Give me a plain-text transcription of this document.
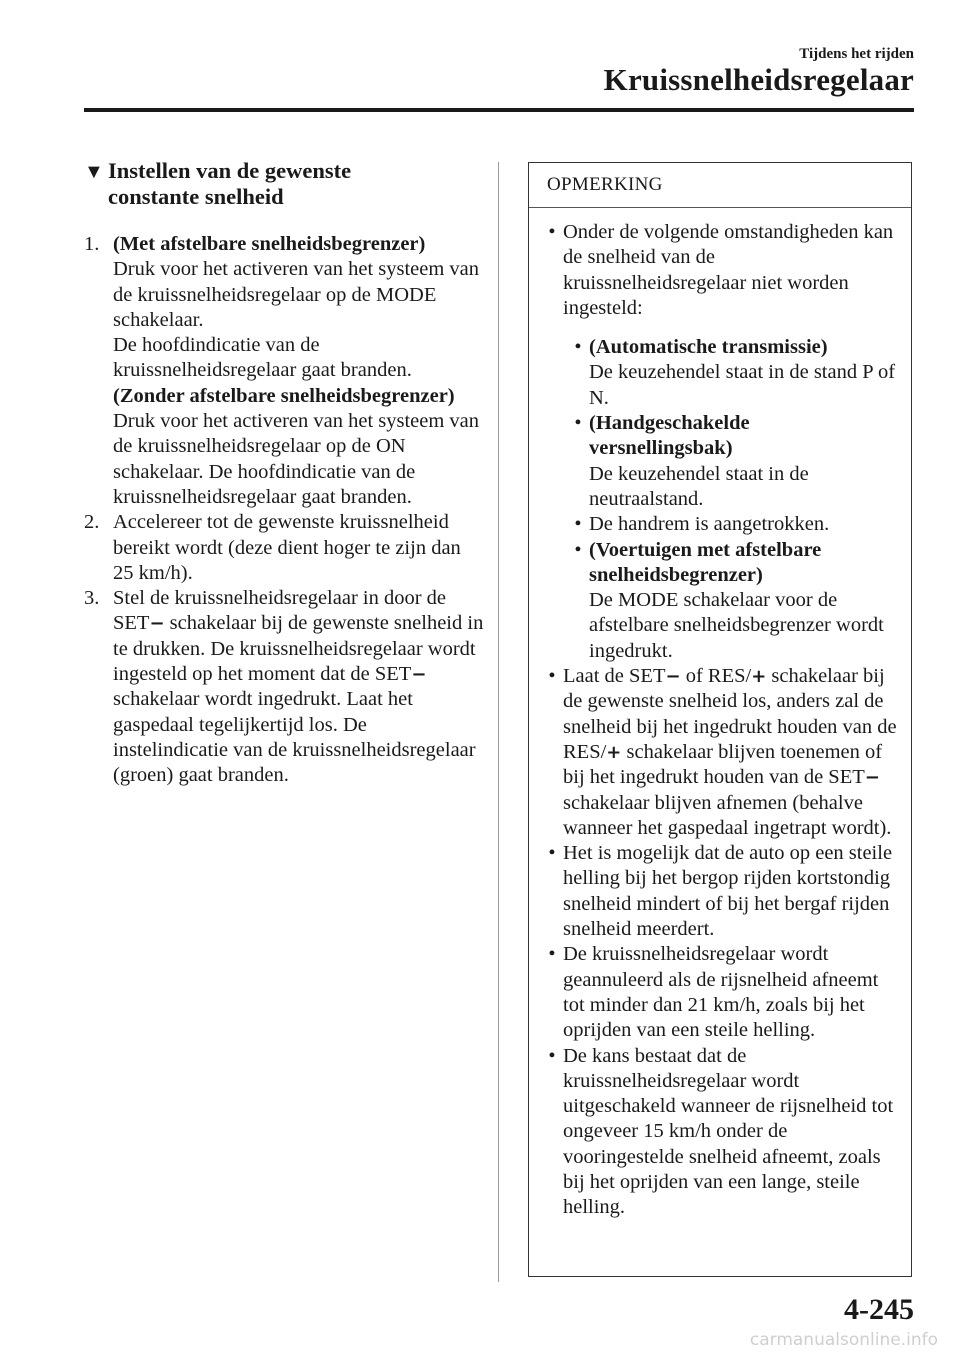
Tijdens het rijden
Kruissnelheidsregelaar
▼ Instellen van de gewenste
constante snelheid
1. (Met afstelbare snelheidsbegrenzer)

Druk voor het activeren van het systeem van de kruissnelheidsregelaar op de MODE schakelaar.

De hoofdindicatie van de kruissnelheidsregelaar gaat branden.

(Zonder afstelbare snelheidsbegrenzer)

Druk voor het activeren van het systeem van de kruissnelheidsregelaar op de ON schakelaar. De hoofdindicatie van de kruissnelheidsregelaar gaat branden.

2. Accelereer tot de gewenste kruissnelheid bereikt wordt (deze dient hoger te zijn dan 25 km/h).

3. Stel de kruissnelheidsregelaar in door de SET− schakelaar bij de gewenste snelheid in te drukken. De kruissnelheidsregelaar wordt ingesteld op het moment dat de SET− schakelaar wordt ingedrukt. Laat het gaspedaal tegelijkertijd los. De instelindicatie van de kruissnelheidsregelaar (groen) gaat branden.

OPMERKING
• Onder de volgende omstandigheden kan de snelheid van de kruissnelheidsregelaar niet worden ingesteld:

• (Automatische transmissie)

De keuzehendel staat in de stand P of N.

• (Handgeschakelde versnellingsbak)

De keuzehendel staat in de neutraalstand.

• De handrem is aangetrokken.

• (Voertuigen met afstelbare snelheidsbegrenzer)

De MODE schakelaar voor de afstelbare snelheidsbegrenzer wordt ingedrukt.

• Laat de SET− of RES/+ schakelaar bij de gewenste snelheid los, anders zal de snelheid bij het ingedrukt houden van de RES/+ schakelaar blijven toenemen of bij het ingedrukt houden van de SET− schakelaar blijven afnemen (behalve wanneer het gaspedaal ingetrapt wordt).

• Het is mogelijk dat de auto op een steile helling bij het bergop rijden kortstondig snelheid mindert of bij het bergaf rijden snelheid meerdert.

• De kruissnelheidsregelaar wordt geannuleerd als de rijsnelheid afneemt tot minder dan 21 km/h, zoals bij het oprijden van een steile helling.

• De kans bestaat dat de kruissnelheidsregelaar wordt uitgeschakeld wanneer de rijsnelheid tot ongeveer 15 km/h onder de vooringestelde snelheid afneemt, zoals bij het oprijden van een lange, steile helling.

4-245
carmanualsonline.info
